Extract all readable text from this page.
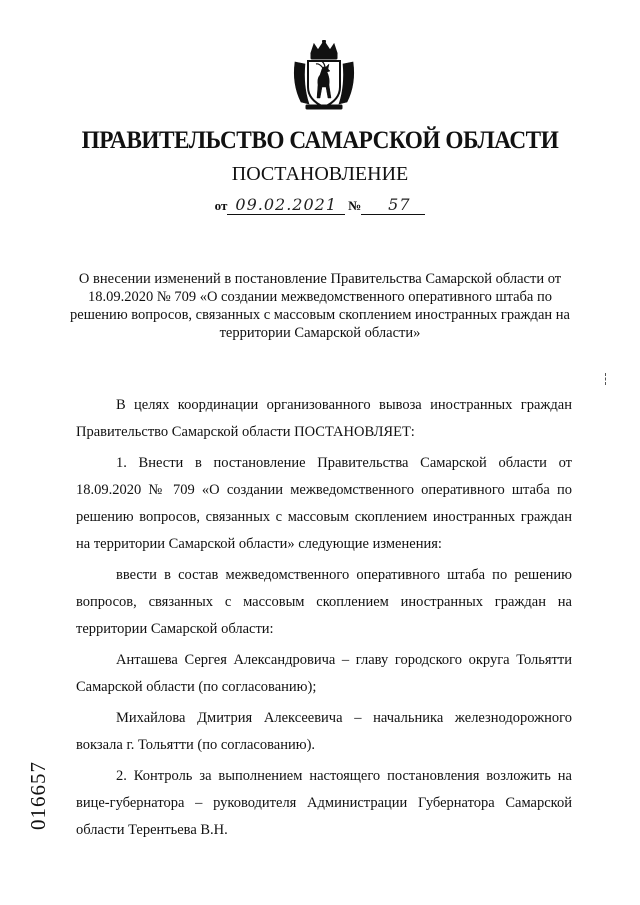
ПРАВИТЕЛЬСТВО САМАРСКОЙ ОБЛАСТИ
ПОСТАНОВЛЕНИЕ
от 09.02.2021 № 57
О внесении изменений в постановление Правительства Самарской области от 18.09.2020 № 709 «О создании межведомственного оперативного штаба по решению вопросов, связанных с массовым скоплением иностранных граждан на территории Самарской области»

В целях координации организованного вывоза иностранных граждан Правительство Самарской области ПОСТАНОВЛЯЕТ:

1. Внести в постановление Правительства Самарской области от 18.09.2020 № 709 «О создании межведомственного оперативного штаба по решению вопросов, связанных с массовым скоплением иностранных граждан на территории Самарской области» следующие изменения:

ввести в состав межведомственного оперативного штаба по решению вопросов, связанных с массовым скоплением иностранных граждан на территории Самарской области:

Анташева Сергея Александровича – главу городского округа Тольятти Самарской области (по согласованию);

Михайлова Дмитрия Алексеевича – начальника железнодорожного вокзала г. Тольятти (по согласованию).

2. Контроль за выполнением настоящего постановления возложить на вице-губернатора – руководителя Администрации Губернатора Самарской области Терентьева В.Н.

016657
